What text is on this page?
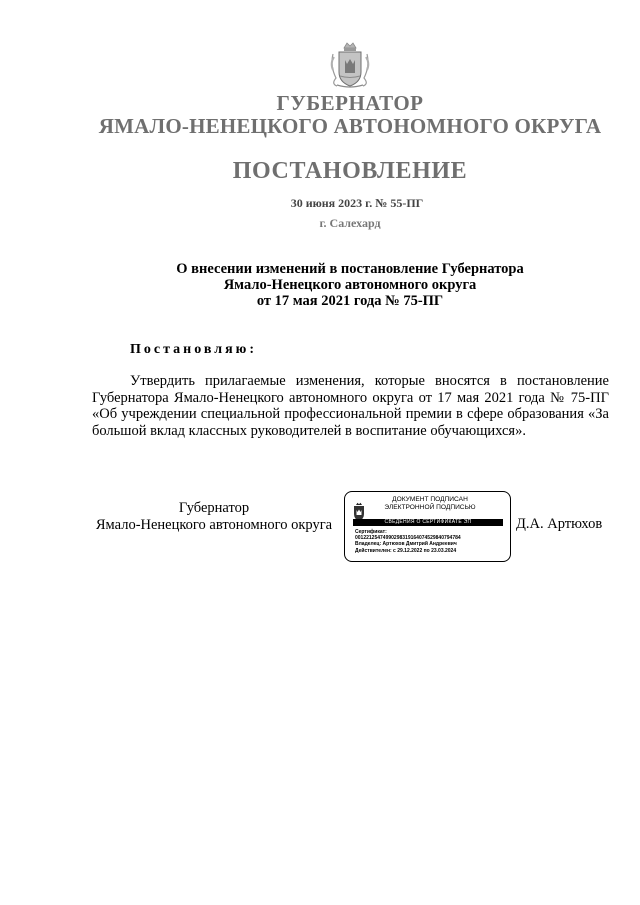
ГУБЕРНАТОР
ЯМАЛО-НЕНЕЦКОГО АВТОНОМНОГО ОКРУГА
ПОСТАНОВЛЕНИЕ
30 июня 2023 г. № 55-ПГ
г. Салехард
О внесении изменений в постановление Губернатора
Ямало-Ненецкого автономного округа
от 17 мая 2021 года № 75-ПГ
Постановляю:
Утвердить прилагаемые изменения, которые вносятся в постановление Губернатора Ямало-Ненецкого автономного округа от 17 мая 2021 года № 75-ПГ «Об учреждении специальной профессиональной премии в сфере образования «За большой вклад классных руководителей в воспитание обучающихся».
Губернатор
Ямало-Ненецкого автономного округа
ДОКУМЕНТ ПОДПИСАН
ЭЛЕКТРОННОЙ ПОДПИСЬЮ
СВЕДЕНИЯ О СЕРТИФИКАТЕ ЭП
Сертификат:
00122125474990298319164074529840794784
Владелец: Артюхов Дмитрий Андреевич
Действителен: с 29.12.2022 по 23.03.2024
Д.А. Артюхов
